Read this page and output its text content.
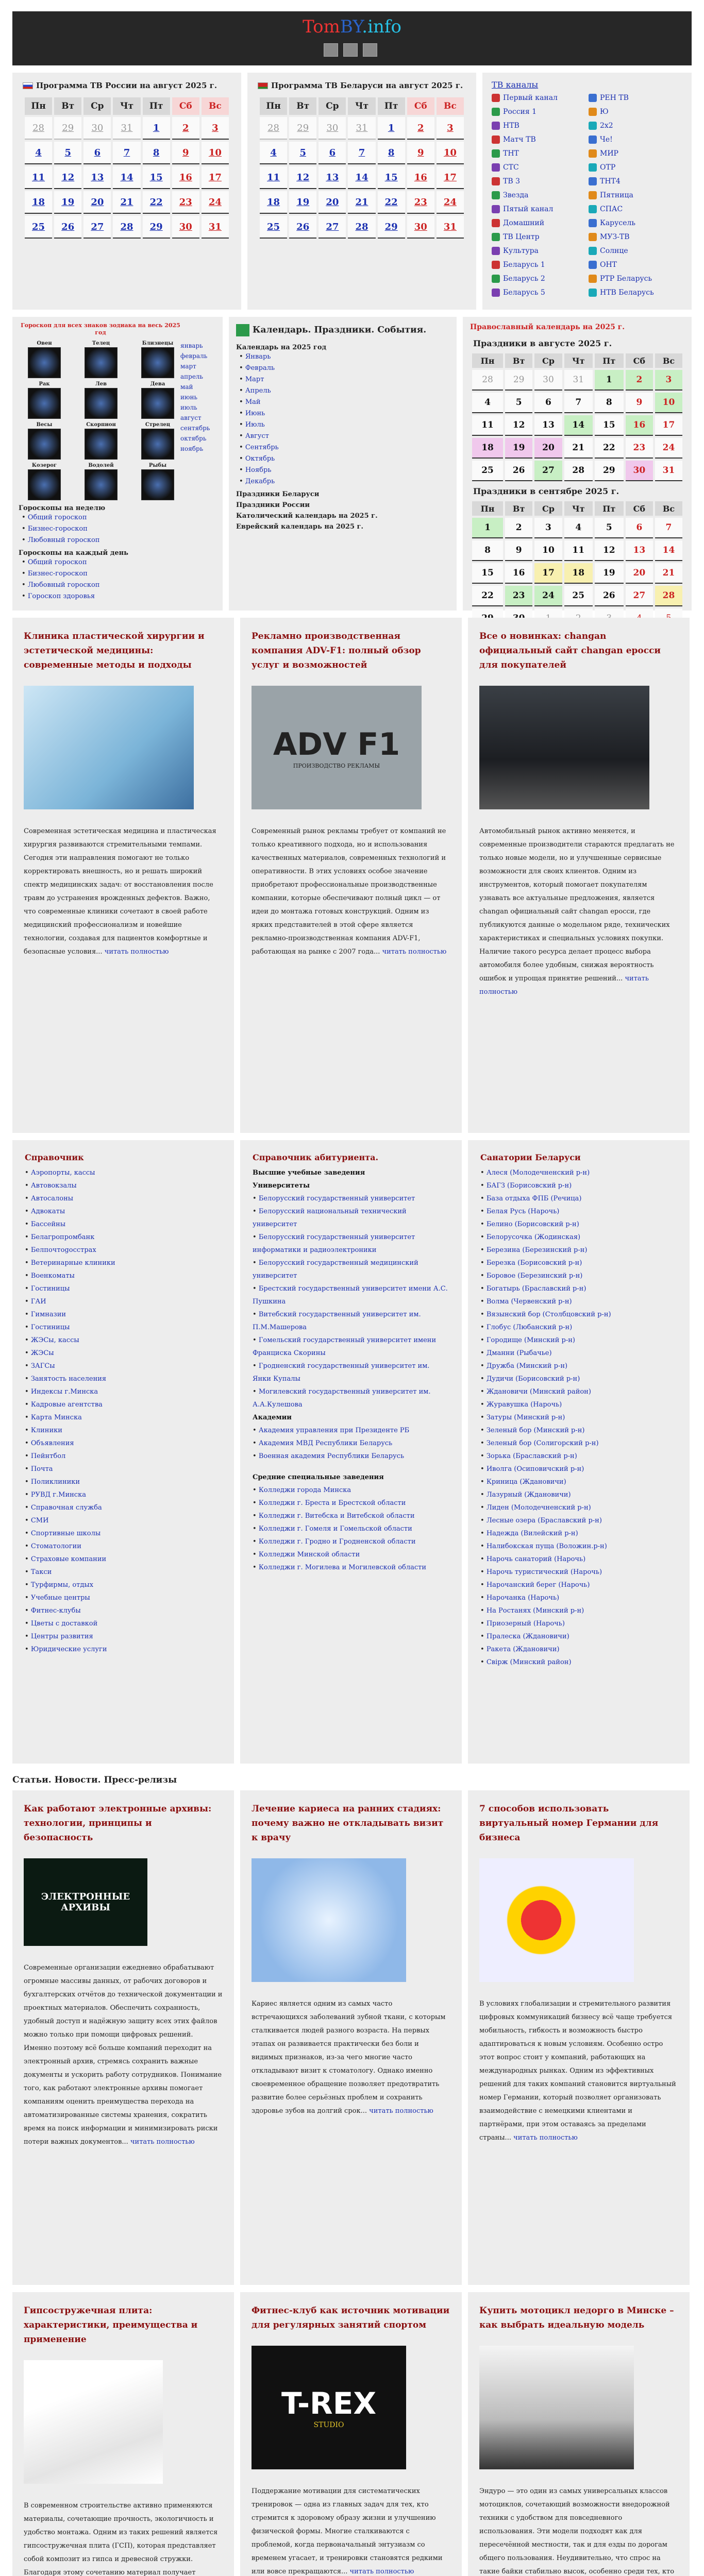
TomBY.info
Программа ТВ России на август 2025 г.
Пн	Вт	Ср	Чт	Пт	Сб	Вс
28	29	30	31	1	2	3
4	5	6	7	8	9	10
11	12	13	14	15	16	17
18	19	20	21	22	23	24
25	26	27	28	29	30	31
Программа ТВ Беларуси на август 2025 г.
Пн	Вт	Ср	Чт	Пт	Сб	Вс
28	29	30	31	1	2	3
4	5	6	7	8	9	10
11	12	13	14	15	16	17
18	19	20	21	22	23	24
25	26	27	28	29	30	31
ТВ каналы
Первый канал	РЕН ТВ
Россия 1	Ю
НТВ	2x2
Матч ТВ	Че!
ТНТ	МИР
СТС	ОТР
ТВ 3	ТНТ4
Звезда	Пятница
Пятый канал	СПАС
Домашний	Карусель
ТВ Центр	МУЗ-ТВ
Культура	Солнце
Беларусь 1	ОНТ
Беларусь 2	РТР Беларусь
Беларусь 5	НТВ Беларусь
Гороскоп для всех знаков зодиака на весь 2025 год
Овен	Телец	Близнецы
Рак	Лев	Дева
Весы	Скорпион	Стрелец
Козерог	Водолей	Рыбы
январь
февраль
март
апрель
май
июнь
июль
август
сентябрь
октябрь
ноябрь
Гороскопы на неделю
• Общий гороскоп
• Бизнес-гороскоп
• Любовный гороскоп
Гороскопы на каждый день
• Общий гороскоп
• Бизнес-гороскоп
• Любовный гороскоп
• Гороскоп здоровья
Календарь. Праздники. События.
Календарь на 2025 год
• Январь
• Февраль
• Март
• Апрель
• Май
• Июнь
• Июль
• Август
• Сентябрь
• Октябрь
• Ноябрь
• Декабрь
Праздники Беларуси
Праздники России
Католический календарь на 2025 г.
Еврейский календарь на 2025 г.
Православный календарь на 2025 г.
Праздники в августе 2025 г.
Пн	Вт	Ср	Чт	Пт	Сб	Вс
28	29	30	31	1	2	3
4	5	6	7	8	9	10
11	12	13	14	15	16	17
18	19	20	21	22	23	24
25	26	27	28	29	30	31
Праздники в сентябре 2025 г.
Пн	Вт	Ср	Чт	Пт	Сб	Вс
1	2	3	4	5	6	7
8	9	10	11	12	13	14
15	16	17	18	19	20	21
22	23	24	25	26	27	28

Клиника пластической хирургии и эстетической медицины: современные методы и подходы

Современная эстетическая медицина и пластическая хирургия развиваются стремительными темпами. Сегодня эти направления помогают не только корректировать внешность, но и решать широкий спектр медицинских задач: от восстановления после травм до устранения врожденных дефектов. Важно, что современные клиники сочетают в своей работе медицинский профессионализм и новейшие технологии, создавая для пациентов комфортные и безопасные условия... читать полностью

Рекламно производственная компания ADV-F1: полный обзор услуг и возможностей
ADV F1
ПРОИЗВОДСТВО РЕКЛАМЫ

Современный рынок рекламы требует от компаний не только креативного подхода, но и использования качественных материалов, современных технологий и оперативности. В этих условиях особое значение приобретают профессиональные производственные компании, которые обеспечивают полный цикл — от идеи до монтажа готовых конструкций. Одним из ярких представителей в этой сфере является рекламно-производственная компания ADV-F1, работающая на рынке с 2007 года... читать полностью

Все о новинках: changan официальный сайт changan еросси для покупателей

Автомобильный рынок активно меняется, и современные производители стараются предлагать не только новые модели, но и улучшенные сервисные возможности для своих клиентов. Одним из инструментов, который помогает покупателям узнавать все актуальные предложения, является changan официальный сайт changan еросси, где публикуются данные о модельном ряде, технических характеристиках и специальных условиях покупки. Наличие такого ресурса делает процесс выбора автомобиля более удобным, снижая вероятность ошибок и упрощая принятие решений... читать полностью

Справочник
• Аэропорты, кассы
• Автовокзалы
• Автосалоны
• Адвокаты
• Бассейны
• Белагропромбанк
• Белпочтоgосстрах
• Ветеринарные клиники
• Военкоматы
• Гостиницы
• ГАИ
• Гимназии
• Гостиницы
• ЖЭСы, кассы
• ЖЭСы
• ЗАГСы
• Занятость населения
• Индексы г.Минска
• Кадровые агентства
• Карта Минска
• Клиники
• Объявления
• Пейнтбол
• Почта
• Поликлиники
• РУВД г.Минска
• Справочная служба
• СМИ
• Спортивные школы
• Стоматологии
• Страховые компании
• Такси
• Турфирмы, отдых
• Учебные центры
• Фитнес-клубы
• Цветы с доставкой
• Центры развития
• Юридические услуги
Справочник абитуриента.
Высшие учебные заведения
Университеты
• Белорусский государственный университет
• Белорусский национальный технический университет
• Белорусский государственный университет информатики и радиоэлектроники
• Белорусский государственный медицинский университет
• Брестский государственный университет имени А.С. Пушкина
• Витебский государственный университет им. П.М.Машерова
• Гомельский государственный университет имени Франциска Скорины
• Гродненский государственный университет им. Янки Купалы
• Могилевский государственный университет им. А.А.Кулешова
Академии
• Академия управления при Президенте РБ
• Академия МВД Республики Беларусь
• Военная академия Республики Беларусь
Средние специальные заведения
• Колледжи города Минска
• Колледжи г. Бреста и Брестской области
• Колледжи г. Витебска и Витебской области
• Колледжи г. Гомеля и Гомельской области
• Колледжи г. Гродно и Гродненской области
• Колледжи Минской области
• Колледжи г. Могилева и Могилевской области
Санатории Беларуси
• Алеся (Молодечненский р-н)
• БАГЗ (Борисовский р-н)
• База отдыха ФПБ (Речица)
• Белая Русь (Нарочь)
• Белино (Борисовский р-н)
• Белорусочка (Жодинская)
• Березина (Березинский р-н)
• Березка (Борисовский р-н)
• Боровое (Березинский р-н)
• Богатырь (Браславский р-н)
• Волма (Червенский р-н)
• Вязынский бор (Столбцовский р-н)
• Глобус (Любанский р-н)
• Городище (Минский р-н)
• Дманни (Рыбачье)
• Дружба (Минский р-н)
• Дудичи (Борисовский р-н)
• Ждановичи (Минский район)
• Журавушка (Нарочь)
• Затуры (Минский р-н)
• Зеленый бор (Минский р-н)
• Зеленый бор (Солигорский р-н)
• Зорька (Браславский р-н)
• Иволга (Осиповичский р-н)
• Криница (Ждановичи)
• Лазурный (Ждановичи)
• Лиден (Молодечненский р-н)
• Лесные озера (Браславский р-н)
• Надежда (Вилейский р-н)
• Налибокская пуща (Воложин.р-н)
• Нарочь санаторий (Нарочь)
• Нарочь туристический (Нарочь)
• Нарочанский берег (Нарочь)
• Нарочанка (Нарочь)
• На Ростанях (Минский р-н)
• Приозерный (Нарочь)
• Пралеска (Ждановичи)
• Ракета (Ждановичи)
• Свiрж (Минский район)
Статьи. Новости. Пресс-релизы
Как работают электронные архивы: технологии, принципы и безопасность
ЭЛЕКТРОННЫЕ АРХИВЫ

Современные организации ежедневно обрабатывают огромные массивы данных, от рабочих договоров и бухгалтерских отчётов до технической документации и проектных материалов. Обеспечить сохранность, удобный доступ и надёжную защиту всех этих файлов можно только при помощи цифровых решений. Именно поэтому всё больше компаний переходит на электронный архив, стремясь сохранить важные документы и ускорить работу сотрудников. Понимание того, как работают электронные архивы помогает компаниям оценить преимущества перехода на автоматизированные системы хранения, сократить время на поиск информации и минимизировать риски потери важных документов... читать полностью

Лечение кариеса на ранних стадиях: почему важно не откладывать визит к врачу

Кариес является одним из самых часто встречающихся заболеваний зубной ткани, с которым сталкивается людей разного возраста. На первых этапах он развивается практически без боли и видимых признаков, из-за чего многие часто откладывают визит к стоматологу. Однако именно своевременное обращение позволяет предотвратить развитие более серьёзных проблем и сохранить здоровье зубов на долгий срок... читать полностью

7 способов использовать виртуальный номер Германии для бизнеса

В условиях глобализации и стремительного развития цифровых коммуникаций бизнесу всё чаще требуется мобильность, гибкость и возможность быстро адаптироваться к новым условиям. Особенно остро этот вопрос стоит у компаний, работающих на международных рынках. Одним из эффективных решений для таких компаний становится виртуальный номер Германии, который позволяет организовать взаимодействие с немецкими клиентами и партнёрами, при этом оставаясь за пределами страны... читать полностью

Гипсостружечная плита: характеристики, преимущества и применение

В современном строительстве активно применяются материалы, сочетающие прочность, экологичность и удобство монтажа. Одним из таких решений является гипсостружечная плита (ГСП), которая представляет собой композит из гипса и древесной стружки. Благодаря этому сочетанию материал получает

Фитнес-клуб как источник мотивации для регулярных занятий спортом
T-REX
STUDIO

Поддержание мотивации для систематических тренировок — одна из главных задач для тех, кто стремится к здоровому образу жизни и улучшению физической формы. Многие сталкиваются с проблемой, когда первоначальный энтузиазм со временем угасает, и тренировки становятся редкими или вовсе прекращаются... читать полностью

Купить мотоцикл недорго в Минске – как выбрать идеальную модель

Эндуро — это один из самых универсальных классов мотоциклов, сочетающий возможности внедорожной техники с удобством для повседневного использования. Эти модели подходят как для пересечённой местности, так и для езды по дорогам общего пользования. Неудивительно, что спрос на такие байки стабильно высок, особенно среди тех, кто
